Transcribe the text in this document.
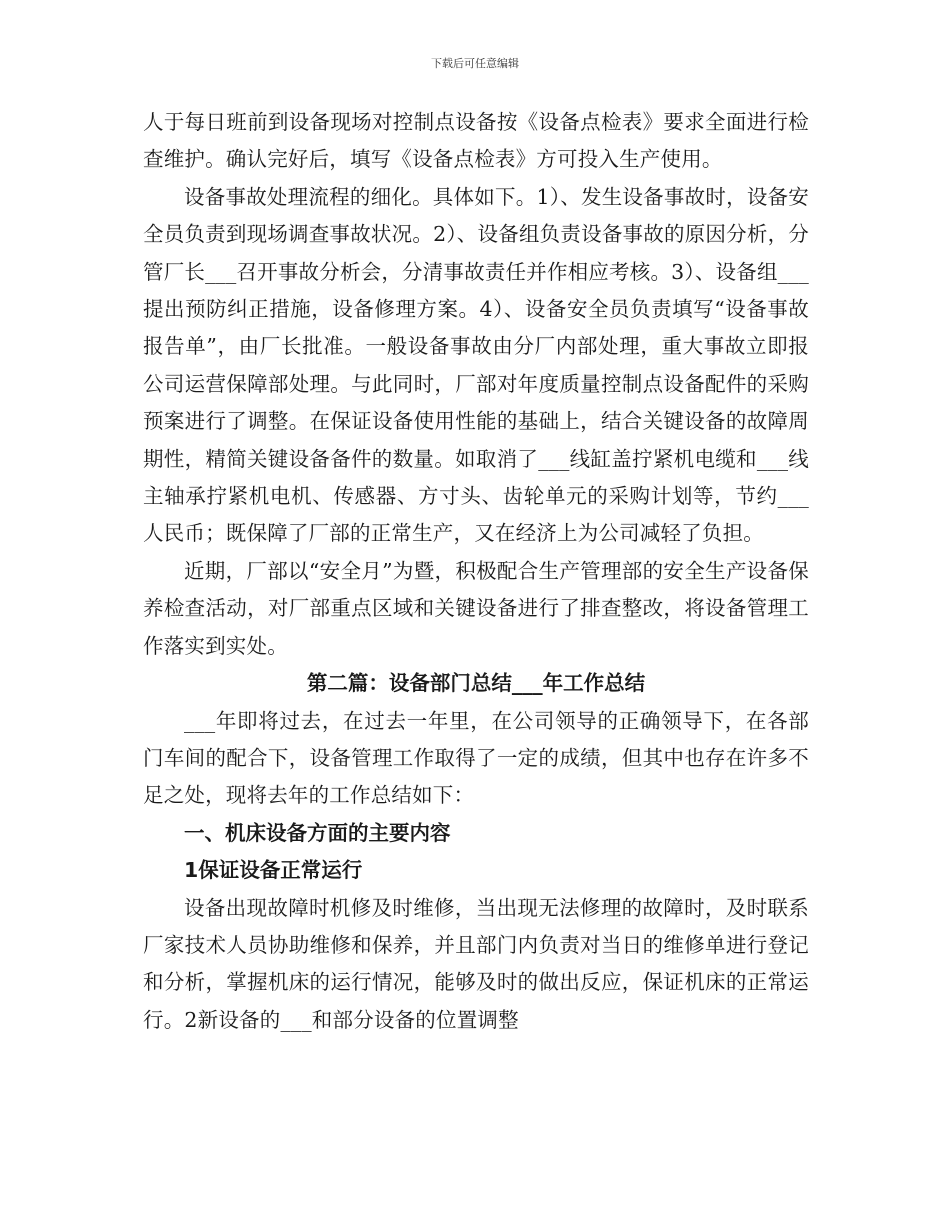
下载后可任意编辑

人于每日班前到设备现场对控制点设备按《设备点检表》要求全面进行检查维护。确认完好后，填写《设备点检表》方可投入生产使用。

设备事故处理流程的细化。具体如下。1）、发生设备事故时，设备安全员负责到现场调查事故状况。2）、设备组负责设备事故的原因分析，分管厂长___召开事故分析会，分清事故责任并作相应考核。3）、设备组___提出预防纠正措施，设备修理方案。4）、设备安全员负责填写“设备事故报告单”，由厂长批准。一般设备事故由分厂内部处理，重大事故立即报公司运营保障部处理。与此同时，厂部对年度质量控制点设备配件的采购预案进行了调整。在保证设备使用性能的基础上，结合关键设备的故障周期性，精简关键设备备件的数量。如取消了___线缸盖拧紧机电缆和___线主轴承拧紧机电机、传感器、方寸头、齿轮单元的采购计划等，节约___人民币；既保障了厂部的正常生产，又在经济上为公司减轻了负担。

近期，厂部以“安全月”为暨，积极配合生产管理部的安全生产设备保养检查活动，对厂部重点区域和关键设备进行了排查整改，将设备管理工作落实到实处。

第二篇：设备部门总结___年工作总结

___年即将过去，在过去一年里，在公司领导的正确领导下，在各部门车间的配合下，设备管理工作取得了一定的成绩，但其中也存在许多不足之处，现将去年的工作总结如下：

一、机床设备方面的主要内容

1保证设备正常运行

设备出现故障时机修及时维修，当出现无法修理的故障时，及时联系厂家技术人员协助维修和保养，并且部门内负责对当日的维修单进行登记和分析，掌握机床的运行情况，能够及时的做出反应，保证机床的正常运行。2新设备的___和部分设备的位置调整
